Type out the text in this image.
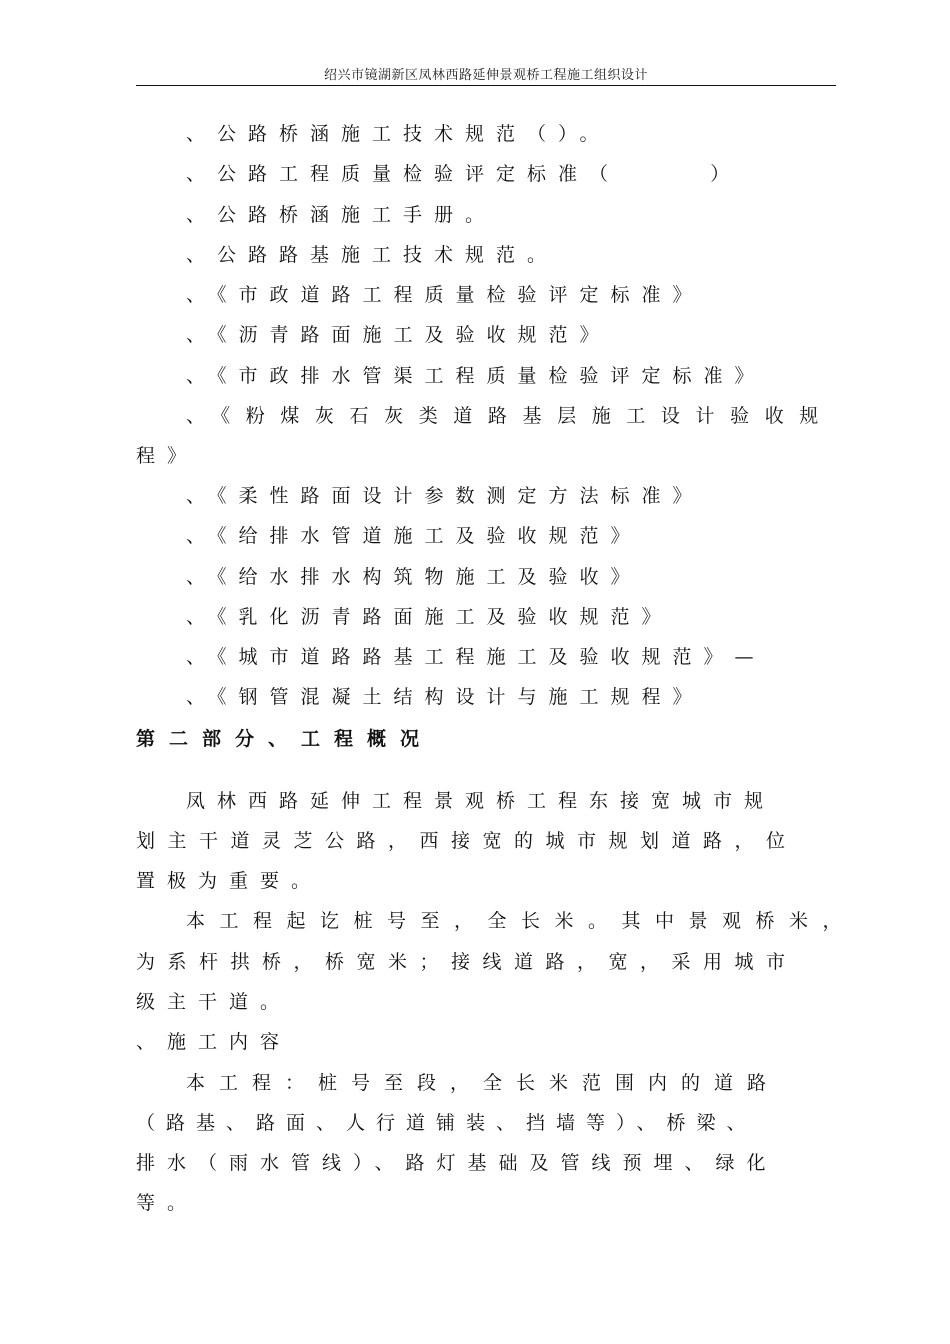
绍兴市镜湖新区凤林西路延伸景观桥工程施工组织设计
、公路桥涵施工技术规范（）。
、公路工程质量检验评定标准（     ）
、公路桥涵施工手册。
、公路路基施工技术规范。
、《市政道路工程质量检验评定标准》
、《沥青路面施工及验收规范》
、《市政排水管渠工程质量检验评定标准》
、《粉煤灰石灰类道路基层施工设计验收规
程》
、《柔性路面设计参数测定方法标准》
、《给排水管道施工及验收规范》
、《给水排水构筑物施工及验收》
、《乳化沥青路面施工及验收规范》
、《城市道路路基工程施工及验收规范》—
、《钢管混凝土结构设计与施工规程》
第二部分、工程概况
凤林西路延伸工程景观桥工程东接宽城市规
划主干道灵芝公路，西接宽的城市规划道路，位
置极为重要。
本工程起讫桩号至，全长米。其中景观桥米，
为系杆拱桥，桥宽米；接线道路，宽，采用城市
级主干道。
、施工内容
本工程：桩号至段，全长米范围内的道路
（路基、路面、人行道铺装、挡墙等）、桥梁、
排水（雨水管线）、路灯基础及管线预埋、绿化
等。
